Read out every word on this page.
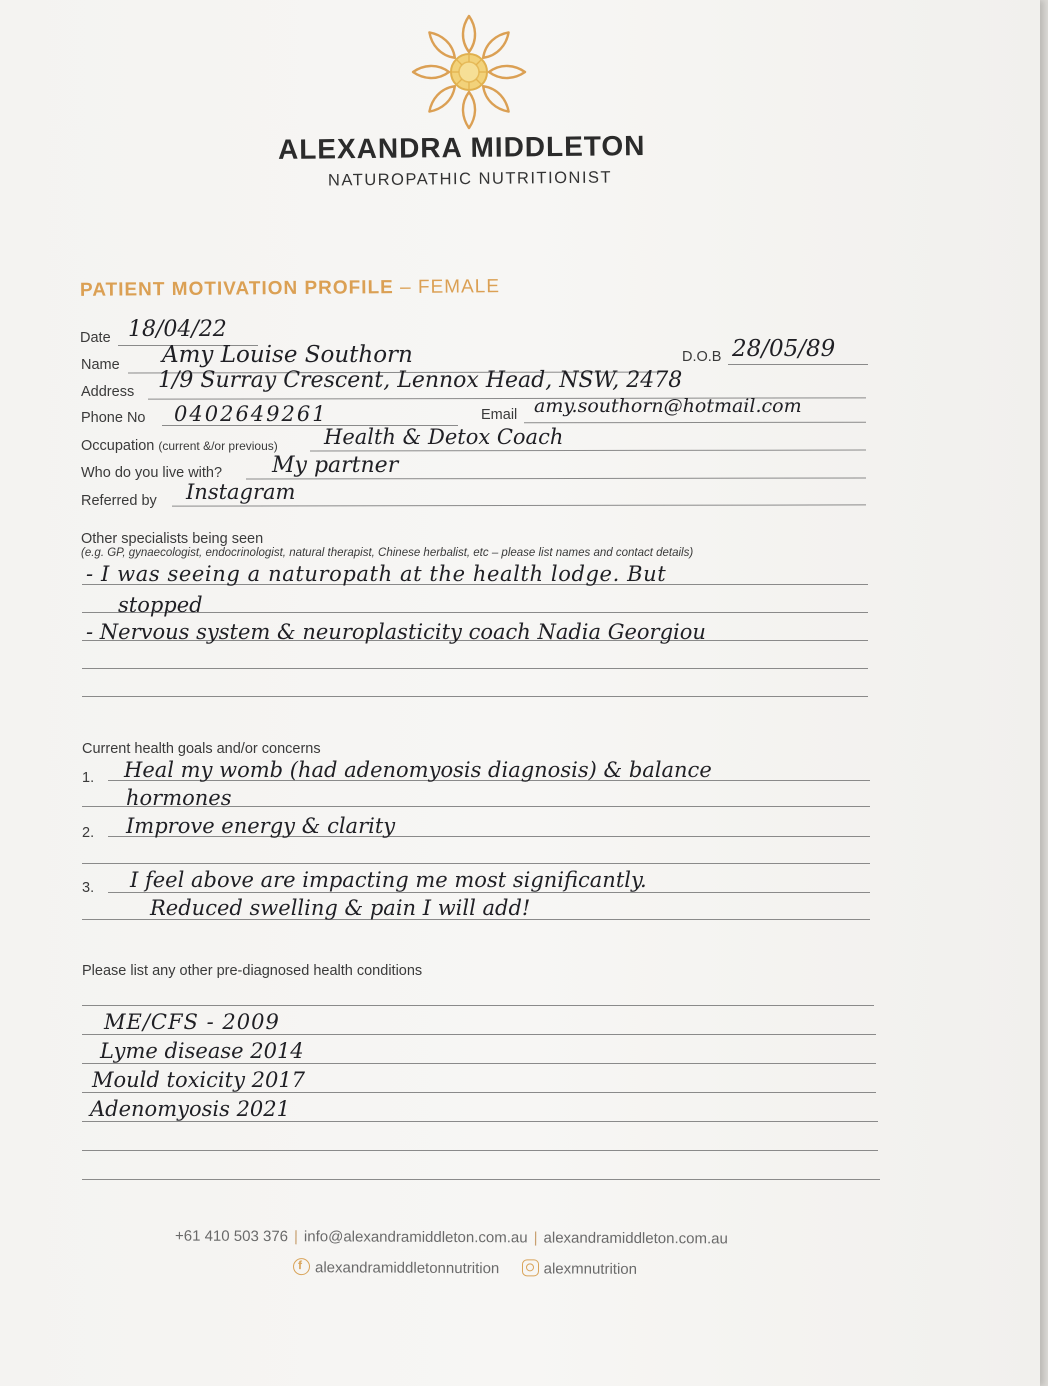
ALEXANDRA MIDDLETON
NATUROPATHIC NUTRITIONIST
PATIENT MOTIVATION PROFILE – FEMALE
Date 18/04/22
Name Amy Louise Southorn	D.O.B 28/05/89
Address 1/9 Surray Crescent, Lennox Head, NSW, 2478
Phone No 0402649261	Email amy.southorn@hotmail.com
Occupation (current &/or previous) Health & Detox Coach
Who do you live with? My partner
Referred by Instagram
Other specialists being seen
(e.g. GP, gynaecologist, endocrinologist, natural therapist, Chinese herbalist, etc – please list names and contact details)
- I was seeing a naturopath at the health lodge. But
stopped
- Nervous system & neuroplasticity coach Nadia Georgiou
Current health goals and/or concerns
1. Heal my womb (had adenomyosis diagnosis) & balance
hormones
2. Improve energy & clarity
3. I feel above are impacting me most significantly.
Reduced swelling & pain I will add!
Please list any other pre-diagnosed health conditions
ME/CFS - 2009
Lyme disease 2014
Mould toxicity 2017
Adenomyosis 2021
+61 410 503 376 | info@alexandramiddleton.com.au | alexandramiddleton.com.au
f alexandramiddletonnutrition	alexmnutrition
